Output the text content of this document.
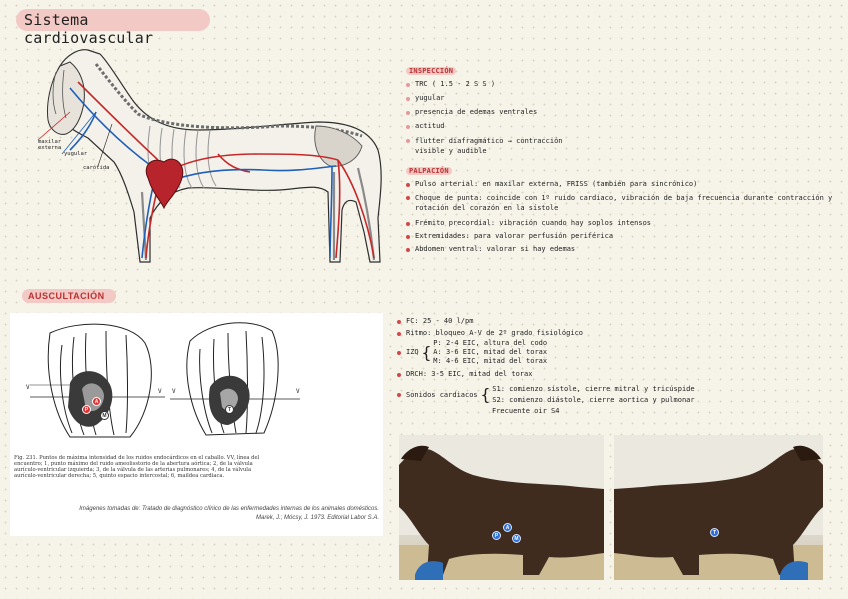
Sistema cardiovascular
maxilar externa
yugular
carótida
INSPECCIÓN
TRC ( 1.5 - 2 S S )
yugular
presencia de edemas ventrales
actitud
flutter diafragmático → contracción visible y audible
PALPACIÓN
Pulso arterial: en maxilar externa, FRISS (también para sincrónico)
Choque de punta: coincide con 1º ruido cardiaco, vibración de baja frecuencia durante contracción y rotación del corazón en la sístole
Frémito precordial: vibración cuando hay soplos intensos
Extremidades: para valorar perfusión periférica
Abdomen ventral: valorar si hay edemas
AUSCULTACIÓN
A
P
M
T
V
V V	V
Fig. 231. Puntos de máxima intensidad de los ruidos endocárdicos en el caballo. VV, línea del encuentro; 1, punto máximo del ruido ameolisstorio de la abertura aórtica; 2, de la válvula aurículo-ventricular izquierda; 3, de la válvula de las arterias pulmonares; 4, de la válvula aurículo-ventricular derecha; 5, quinto espacio intercostal; 6, maildea cardiaca.
Imágenes tomadas de: Tratado de diagnóstico clínico de las enfermedades internas de los animales domésticos.
Marek, J.; Mócsy, J. 1973. Editorial Labor S.A.
FC: 25 - 40 l/pm
Ritmo: bloqueo A-V de 2º grado fisiológico
IZQ { P: 2-4 EIC, altura del codo
A: 3-6 EIC, mitad del torax
M: 4-6 EIC, mitad del torax
DRCH: 3-5 EIC, mitad del torax
Sonidos cardiacos { S1: comienzo sístole, cierre mitral y tricúspide
S2: comienzo diástole, cierre aortica y pulmonar
Frecuente oir S4
P
A
M
T
